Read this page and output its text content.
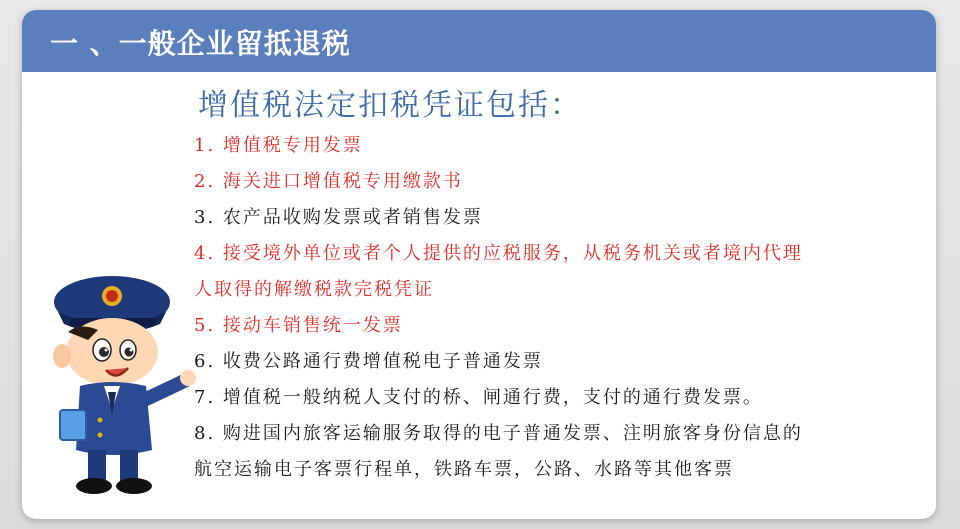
一 、一般企业留抵退税
增值税法定扣税凭证包括：
1. 增值税专用发票
2. 海关进口增值税专用缴款书
3. 农产品收购发票或者销售发票
4. 接受境外单位或者个人提供的应税服务，从税务机关或者境内代理
人取得的解缴税款完税凭证
5. 接动车销售统一发票
6. 收费公路通行费增值税电子普通发票
7. 增值税一般纳税人支付的桥、闸通行费，支付的通行费发票。
8. 购进国内旅客运输服务取得的电子普通发票、注明旅客身份信息的
航空运输电子客票行程单，铁路车票，公路、水路等其他客票
